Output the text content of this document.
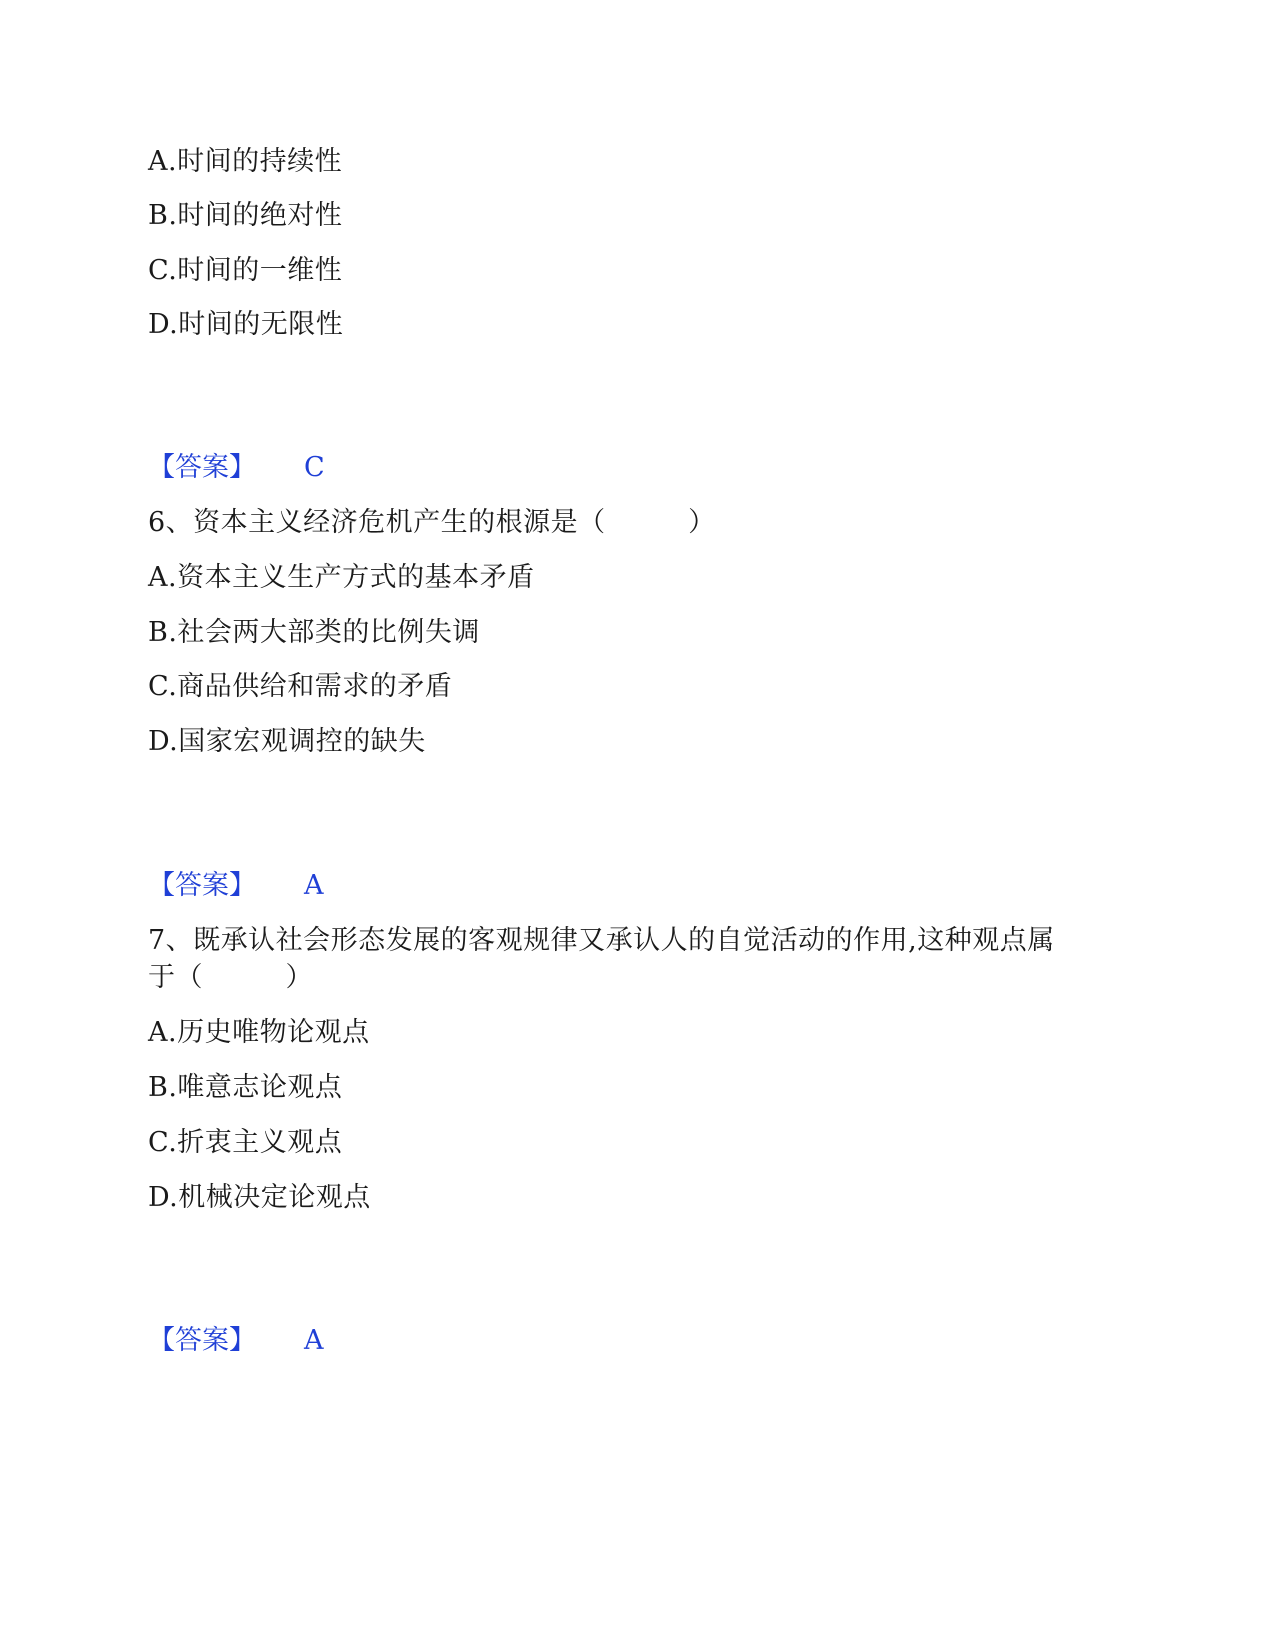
A.时间的持续性
B.时间的绝对性
C.时间的一维性
D.时间的无限性
【答案】 C
6、资本主义经济危机产生的根源是（　　　）
A.资本主义生产方式的基本矛盾
B.社会两大部类的比例失调
C.商品供给和需求的矛盾
D.国家宏观调控的缺失
【答案】 A
7、既承认社会形态发展的客观规律又承认人的自觉活动的作用,这种观点属
于（　　　）
A.历史唯物论观点
B.唯意志论观点
C.折衷主义观点
D.机械决定论观点
【答案】 A
